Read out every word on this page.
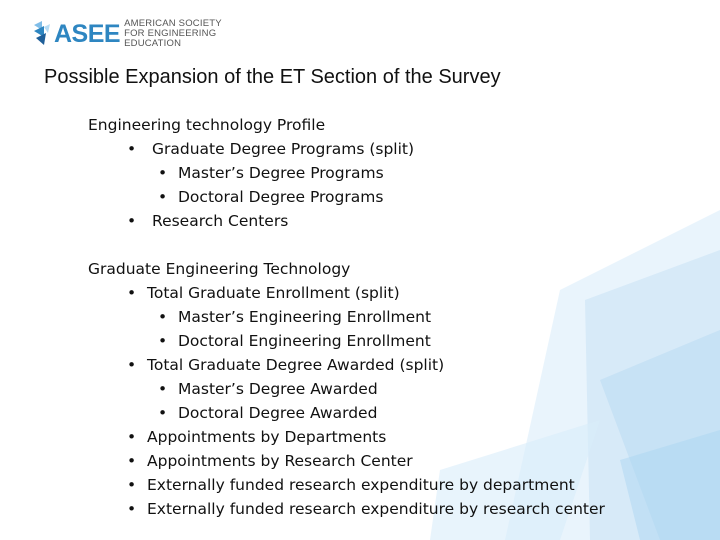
ASEE AMERICAN SOCIETY FOR ENGINEERING EDUCATION
Possible Expansion of the ET Section of the Survey
Engineering technology Profile
• Graduate Degree Programs (split)
• Master’s Degree Programs
• Doctoral Degree Programs
• Research Centers
Graduate Engineering Technology
• Total Graduate Enrollment (split)
• Master’s Engineering Enrollment
• Doctoral Engineering Enrollment
• Total Graduate Degree Awarded (split)
• Master’s Degree Awarded
• Doctoral Degree Awarded
• Appointments by Departments
• Appointments by Research Center
• Externally funded research expenditure by department
• Externally funded research expenditure by research center
